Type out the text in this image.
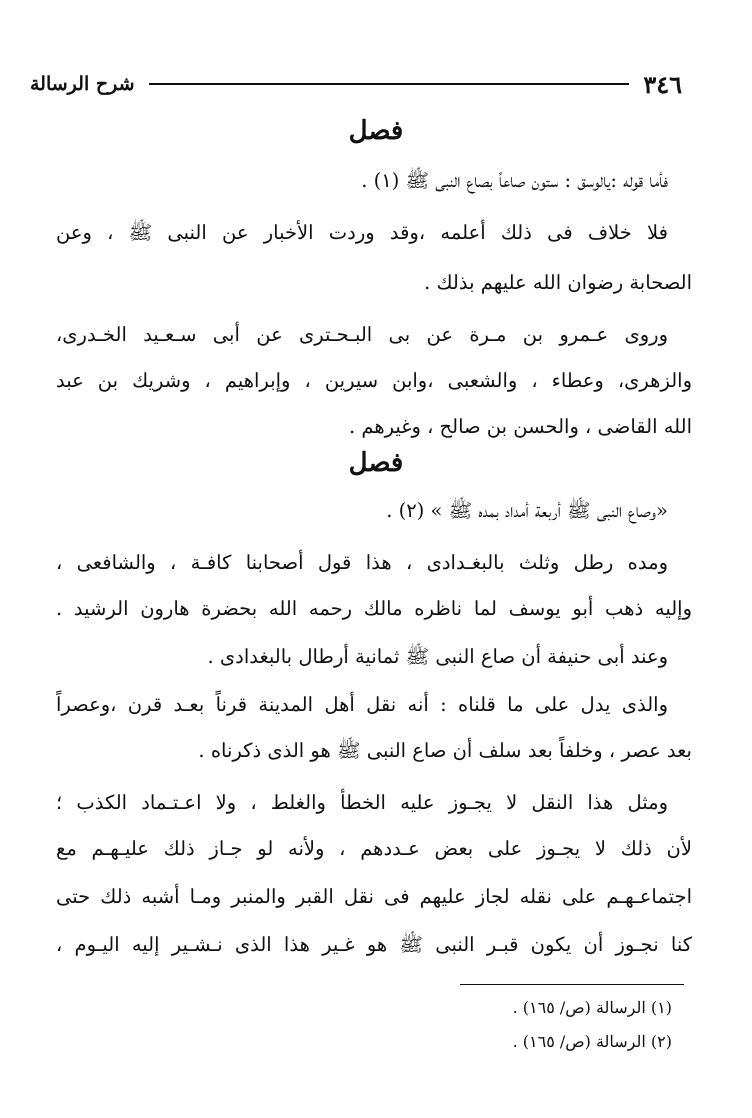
٣٤٦
شرح الرسالة
فصل
فأما قوله :يالوسق : ستون صاعاً بصاع النبى ﷺ (١) .
فلا خلاف فى ذلك أعلمه ،وقد وردت الأخبار عن النبى ﷺ ، وعن
الصحابة رضوان الله عليهم بذلك .
وروى عـمرو بن مـرة عن بى البـحـترى عن أبى سـعـيد الخـدرى،
والزهرى، وعطاء ، والشعبى ،وابن سيرين ، وإبراهيم ، وشريك بن عبد
الله القاضى ، والحسن بن صالح ، وغيرهم .
فصل
«وصاع النبى ﷺ أربعة أمداد بمده ﷺ » (٢) .
ومده رطل وثلث بالبغـدادى ، هذا قول أصحابنا كافـة ، والشافعى ،
وإليه ذهب أبو يوسف لما ناظره مالك رحمه الله بحضرة هارون الرشيد .
وعند أبى حنيفة أن صاع النبى ﷺ ثمانية أرطال بالبغدادى .
والذى يدل على ما قلناه : أنه نقل أهل المدينة قرناً بعـد قرن ،وعصراً
بعد عصر ، وخلفاً بعد سلف أن صاع النبى ﷺ هو الذى ذكرناه .
ومثل هذا النقل لا يجـوز عليه الخطأ والغلط ، ولا اعـتـماد الكذب ؛
لأن ذلك لا يجـوز على بعض عـددهم ، ولأنه لو جـاز ذلك عليـهـم مع
اجتماعـهـم على نقله لجاز عليهم فى نقل القبر والمنبر ومـا أشبه ذلك حتى
كنا نجـوز أن يكون قبـر النبى ﷺ هو غـير هذا الذى نـشـير إليه اليـوم ،
(١) الرسالة (ص/ ١٦٥) .
(٢) الرسالة (ص/ ١٦٥) .
